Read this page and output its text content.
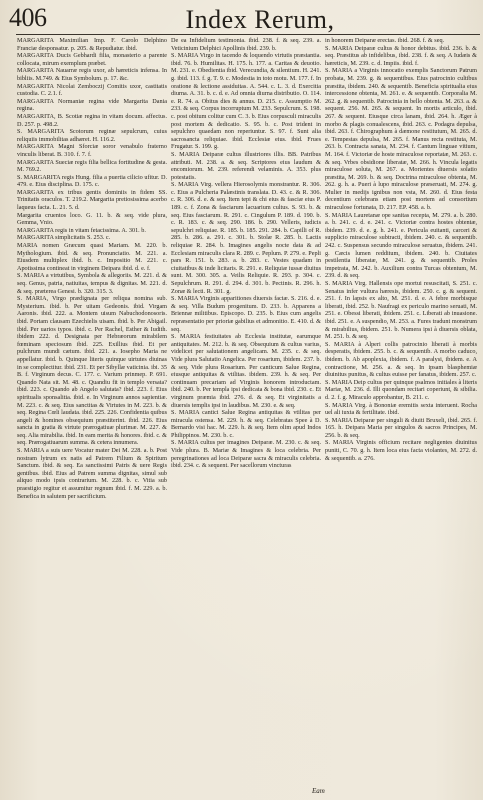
406	Index Rerum,

MARGARITA Maximilian Imp. F. Carolo Delphino Franciæ desponsatur. p. 205. & Repudiatur. ibid.

MARGARITA Ducis Gebhardi filia, monasterio a parente collocata, mirum exemplum præbet.

MARGARITA Nauarræ regis uxor, ab hæreticis infensa. In bibliis. M.749. & Eius Symbolum. p. 17. &c.

MARGARITA Nicolai Zemboczij Comitis uxor, castitatis custodia. C. 2.1. f.

MARGARITA Normaniæ regina vide Margarita Dania regina.

MARGARITA, B. Scotiæ regina in vitam docum. affectus. D. 257. p. 498.2.

S. MARGARITA Scotorum reginæ sepulcrum, cuius reliquiis immobilitas adhæret. H. 116.2.

MARGARITA Magni Sforciæ soror venabulo fraterno vinculis liberat. B. 310. f. 7. f.

MARGARITA Sueciæ regis filia bellica fortitudine & gesta. M. 769.2.

S. MARGARITA regis Hung. filia a puertia cilicio ufitur. D. 479. e. Eius disciplina. D. 175. c.

MARGARITA ex tribus gentis dominiis in fidem SS. Trinitatis oraculos. T. 219.2. Margarita pretiosissima acerbo laqueus facta. L. 21. 5. d.

Margarita cruentos loco. G. 11. b. & seq. vide plura, Gemma, Vnio.

MARGARITA regis in vitam fetacissima. A. 301. b.

MARGARITA simplicitatis S. 253. c.

MARIA nomen Græcum quasi Mariam. M. 220. b. Mythologium. ibid. & seq. Pronunciatio. M. 221. a. Eiusdem multiplex ibid. b. c. Impositio M. 221. c. Apotissima contineat in virginem Deipara ibid. d. e. f.

S. MARIA a virtutibus, Symbola & allegoriis. M. 221. d. & seq. Genus, patria, natiuitas, tempus & dignitas. M. 221. d. & seq. præterea Genesi. b. 320. 315. 3.

S. MARIA, Virgo prædignata per reliqua nomina sub. Mysterium. ibid. b. Per uitam Gedeonis. ibid. Virgam Aaronis. ibid. 222. a. Montem uisum Nabuchodonosoris. ibid. Portam clausam Ezechielis uisam. ibid. b. Per Abigail. ibid. Per uarios typos. ibid. c. Per Rachel, Esther & Iudith. ibidem 222. d. Designata per Hebræorum mirabilem fœminam speciosum ibid. 225. Exillius ibid. Et per pulchrum mundi cætum. ibid. 221. a. Iosepho Maria ne appellatur. ibid. b. Quinque literis quinque uirtutes diuinas in se complectitur. ibid. 231. Et per Sibyllæ vaticinia. ibi. 35 B. f. Virginum decus. C. 177. c. Varium prinmep. P. 691. Quando Nata sit. M. 48. c. Quandiu fit in templo versata? ibid. 223. c. Quando ab Angelo salutata? ibid. 223. f. Eius spiritualis sponsalitia. ibid. e. In Virginum annos sapientiæ. M. 223. c. & seq. Eius sanctitas & Virtutes in M. 223. b. & seq. Regina Cœli laudata. ibid. 225. 226. Confidentia quibus angeli & homines obsequium præstiterint. ibid. 226. Eius sancta in gratia & virtute prærogatiuæ plurimæ. M. 227. & seq. Alia mirabilia. ibid. In eam merita & honores. ibid. c. & seq. Prærogatiuarum summa. & cetera innumera.

S. MARIA a suis uere Vocatur mater Dei M. 228. a. b. Post nostram lytrum ex natis ad Patrem Filium & Spiritum Sanctum. ibid. & seq. Ea sanctissimi Patris & uere Regis gentibus. ibid. Eius ad Patrem summa dignitas, simul sub aliquo modo ipsis contrarium. M. 228. b. c. Vitia sub praestigio regitur et assumitur regnum ibid. f. M. 229. a. b. Benefica in salutem per sacrificium.

De ea Infidelium testimonia. ibid. 238. f. & seq. 239. a. Veticinium Delphici Apollinis ibid. 239. b.

S. MARIA Virgo in tacendo & loquendo virtutis præstantia. ibid. 76. b. Humilitas. H. 175. h. 177. a. Caritas & deuotio. M. 231. e. Obedientia ibid. Verecundia, & silentium. H. 241. g. ibid. 113. f. g. T. 9. c. Modestia in toto motu. M. 177. f. In oratione & lectione assiduitas. A. 544. c. L. 3. d. Exercitia diurna. A. 31. b. c. d. e. Ad omnia diurna distributio. O. 114. e. R. 74. a. Obitus dies & annus. D. 215. c. Assumptio M. 233. & seq. Corpus incorruptum M. 233. Sepulcrum. S. 198. c. post obitum colitur cum C. 3. b. Eius corpusculi miraculis post mortem & dedicatio. S. 95. b. c. Post trident in sepulchro quaedam non reperiuntur. S. 97. f. Sunt alia sacrosancta reliquiae. ibid. Ecclesiæ eius. ibid. Frues Frugatur. S. 199. g.

S. MARIA Deiparæ cultus illustriores illis. BB. Patribus attributi. M. 238. a. & seq. Scriptores eius laudum & encomiorum. M. 239. referendi velaminis. A. 353. plus potestatis.

S. MARIA Virg. vellera Hierosolymis monstrantur. R. 306. c. Eius a Pulcheria Palæstinis translata. D. 43. c. & R. 306. c. R. 306. d. e. & seq. Item tepi & chi eius & fasciæ eius P. 189. c. f. Zona & fasciarum lacuarium cultus. S. 93. b. & seq. Eius fasciarum. R. 291. c. Cingulum P. 189. d. 190. b. c. R. 183. c. & seq. 290. 186. b. 290. Velleris, iudicis sepulchri reliquiae. R. 185. b. 185. 291. 284. b. Capilli of R. 285. b. 286. a. 291. c. 301. b. Stolæ R. 285. b. Lactis reliquiae R. 284. b. Imagines angelis nocte data & ad Ecclesiam miraculis clara R. 289. c. Peplum. P. 279. e. Pepli pars R. 151. b. 283. a. b. 283. c. Vestes quadam in ciuitatibus & inde licitaris. R. 291. e. Reliquiæ iussæ diuitus sunt. M. 300. 305. a. Veilis Reliquie. R. 293. p. 304. c. Sepulchrum. R. 291. d. 294. d. 301. b. Pectinis. R. 296. h. Zonæ & lecti. R. 301. g.

S. MARIA Virginis apparitiones diuersis factæ. S. 216. d. e. & seq. Villa Budum progenitum. D. 233. b. Apparens a Briennæ militibus. Episcopo. D. 235. b. Eius cum angelis repræsentatio per prioriæ gabilius et admonitio. E. 410. d. & seq.

S. MARIA festiuitates ab Ecclesia institutæ, earumque antiquitates. M. 212. b. & seq. Obsequium & cultus varius, videlicet per salutationem angelicam. M. 235. c. & seq. Vide plura Salutatio Angelica. Per rosarium, ibidem. 237. b. & seq. Vide plura Rosarium. Per canticum Salue Regina, eiusque antiquitas & vtilitas. ibidem. 239. h. & seq. Per continuam precariam ad Virginis honorem introductam. ibid. 240. b. Per templa ipsi dedicata & bona ibid. 230. c. Et virginum præmia ibid. 276. d. & seq. Et virginitatis a diuersis templis ipsi in laudibus. M. 230. e. & seq.

S. MARIA cantici Salue Regina antiquitas & vtilitas per miracula ostensa. M. 229. h. & seq. Celebratas Spee à D. Bernardo visi hac. M. 229. h. & seq. Item olim apud Indos Philippinos. M. 230. b. c.

S. MARIA cultus per imagines Deiparæ. M. 230. c. & seq. Vide plura. B. Mariæ & Imagines & loca celebria. Per peregrinationes ad loca Deiparæ sacra & miraculis celebria. ibid. 234. c. & sequent. Per sacellorum vincturas

in honorem Deiparæ erectas. ibid. 268. f. & seq.

S. MARIA Deiparæ cultus & honor debitus. ibid. 236. b. & seq. Præstitus ab infidelibus, ibid. 238. f. & seq. A Iudæis & hæreticis, M. 239. c. d. Impiis. ibid. f.

S. MARIA a Virginis innocatio exemplis Sanctorum Patrum probata, M. 239. g. & sequentibus. Eius patrocinio cultibus præstita, ibidem. 240. & sequentib. Beneficia spiritualia eius intercessione obtenta, M. 261. e. & sequentib. Corporalia M. 262. g. & sequentib. Patrocinia in bello obtenta. M. 263. a. & sequent. 256. M. 265. & sequent. In mortis articulo, ibid. 267. & sequent. Eiusque circa lanam, ibid. 264. h. Æger à morbo & plagis conualescens, ibid. 263. c. Podagra depulsa, ibid. 263. f. Chirographum à dæmone restitutum, M. 265. d. e. Tempestas depulsa, M. 265. f. Manus recta restituta, M. 263. b. Contracta sanata, M. 234. f. Cantum linguae vitium, M. 164. f. Victoriæ de hoste miraculose reportatæ, M. 263. c. & seq. Vrbes obsidione liberatæ, M. 266. h. Vincula legatis miraculose soluta, M. 267. a. Morientes diuersis solatio præstita, M. 269. b. & seq. Doctrina miraculose obtenta, M. 262. g. h. a. Pueri à lupo miraculose præseruati, M. 274. g. Mulier in medijs ignibus non vsta, M. 260. d. Eius festa decentium celebrans etiam post mortem ad consortium miraculose fortunata, D. 217. EP. 458. a. b.

S. MARIA Lauretanæ ope sanitas recepta, M. 279. a. b. 280. a. b. 241. c. d. e. 241. c. Victoriæ contra hostes obtentæ, ibidem. 239. d. e. g. h. 241. e. Pericula euitanti, carceri & supplicio miraculose subtracti, ibidem. 240. c. & sequentib. 242. c. Suspensus secundo miraculose seruatus, ibidem. 241. g. Cæcis lumen redditum, ibidem. 240. b. Ciuitates pestilentia liberatæ, M. 241. g. & sequentib. Proles impetrata, M. 242. b. Auxilium contra Turcas obtentum, M. 239. d. & seq.

S. MARIA Virg. Hallensis ope mortui resuscitati, S. 251. c. Senatus infer vultura hæresis, ibidem. 250. c. g. & sequent. 251. f. In lapsis ex alto, M. 251. d. e. A febre morbisque liberati, ibid. 252. b. Naufragi ex periculo marino seruati, M. 251. e. Obessi liberati, ibidem. 251. c. Liberati ab inuasione. ibid. 251. e. A suspendio, M. 253. a. Fures tradunt monstrum & mirabilius, ibidem. 251. b. Numera ipsi à diuersis oblata, M. 251. b. & seq.

S. MARIA à Alperi collis patrocinio liberati à morbis desperatis, ibidem. 255. b. c. & sequentib. A morbo caduco, ibidem. b. Ab apoplexia, ibidem. f. A paralysi, ibidem. e. A contractione, M. 256. a. & seq. In ipsam blasphemiæ diuinitus punitus, & cultus euisse per fanatus, ibidem. 257. c.

S. MARIA Deip cultus per quinque psalmos initiales à literis Mariæ, M. 236. d. Illi quondam recitari coperiunt, & sibilia. d. 2. f. g. Miraculo approbantur, B. 211. c.

S. MARIA Virg. à Bononiæ eremitis sexta interuent. Rocha uel ali iuxta & fertilitate. ibid.

S. MARIA Deiparæ per singuli & diuiti Bruxeli, ibid. 265. f. 165. h. Deipara Maria per singulos & sacros Principes, M. 256. b. & seq.

S. MARIA Virginis officium recitare negligentes diuinitus puniti, C. 70. g. h. Item loca eius facta violantes, M. 272. d. & sequentib. a. 276.

Eam
